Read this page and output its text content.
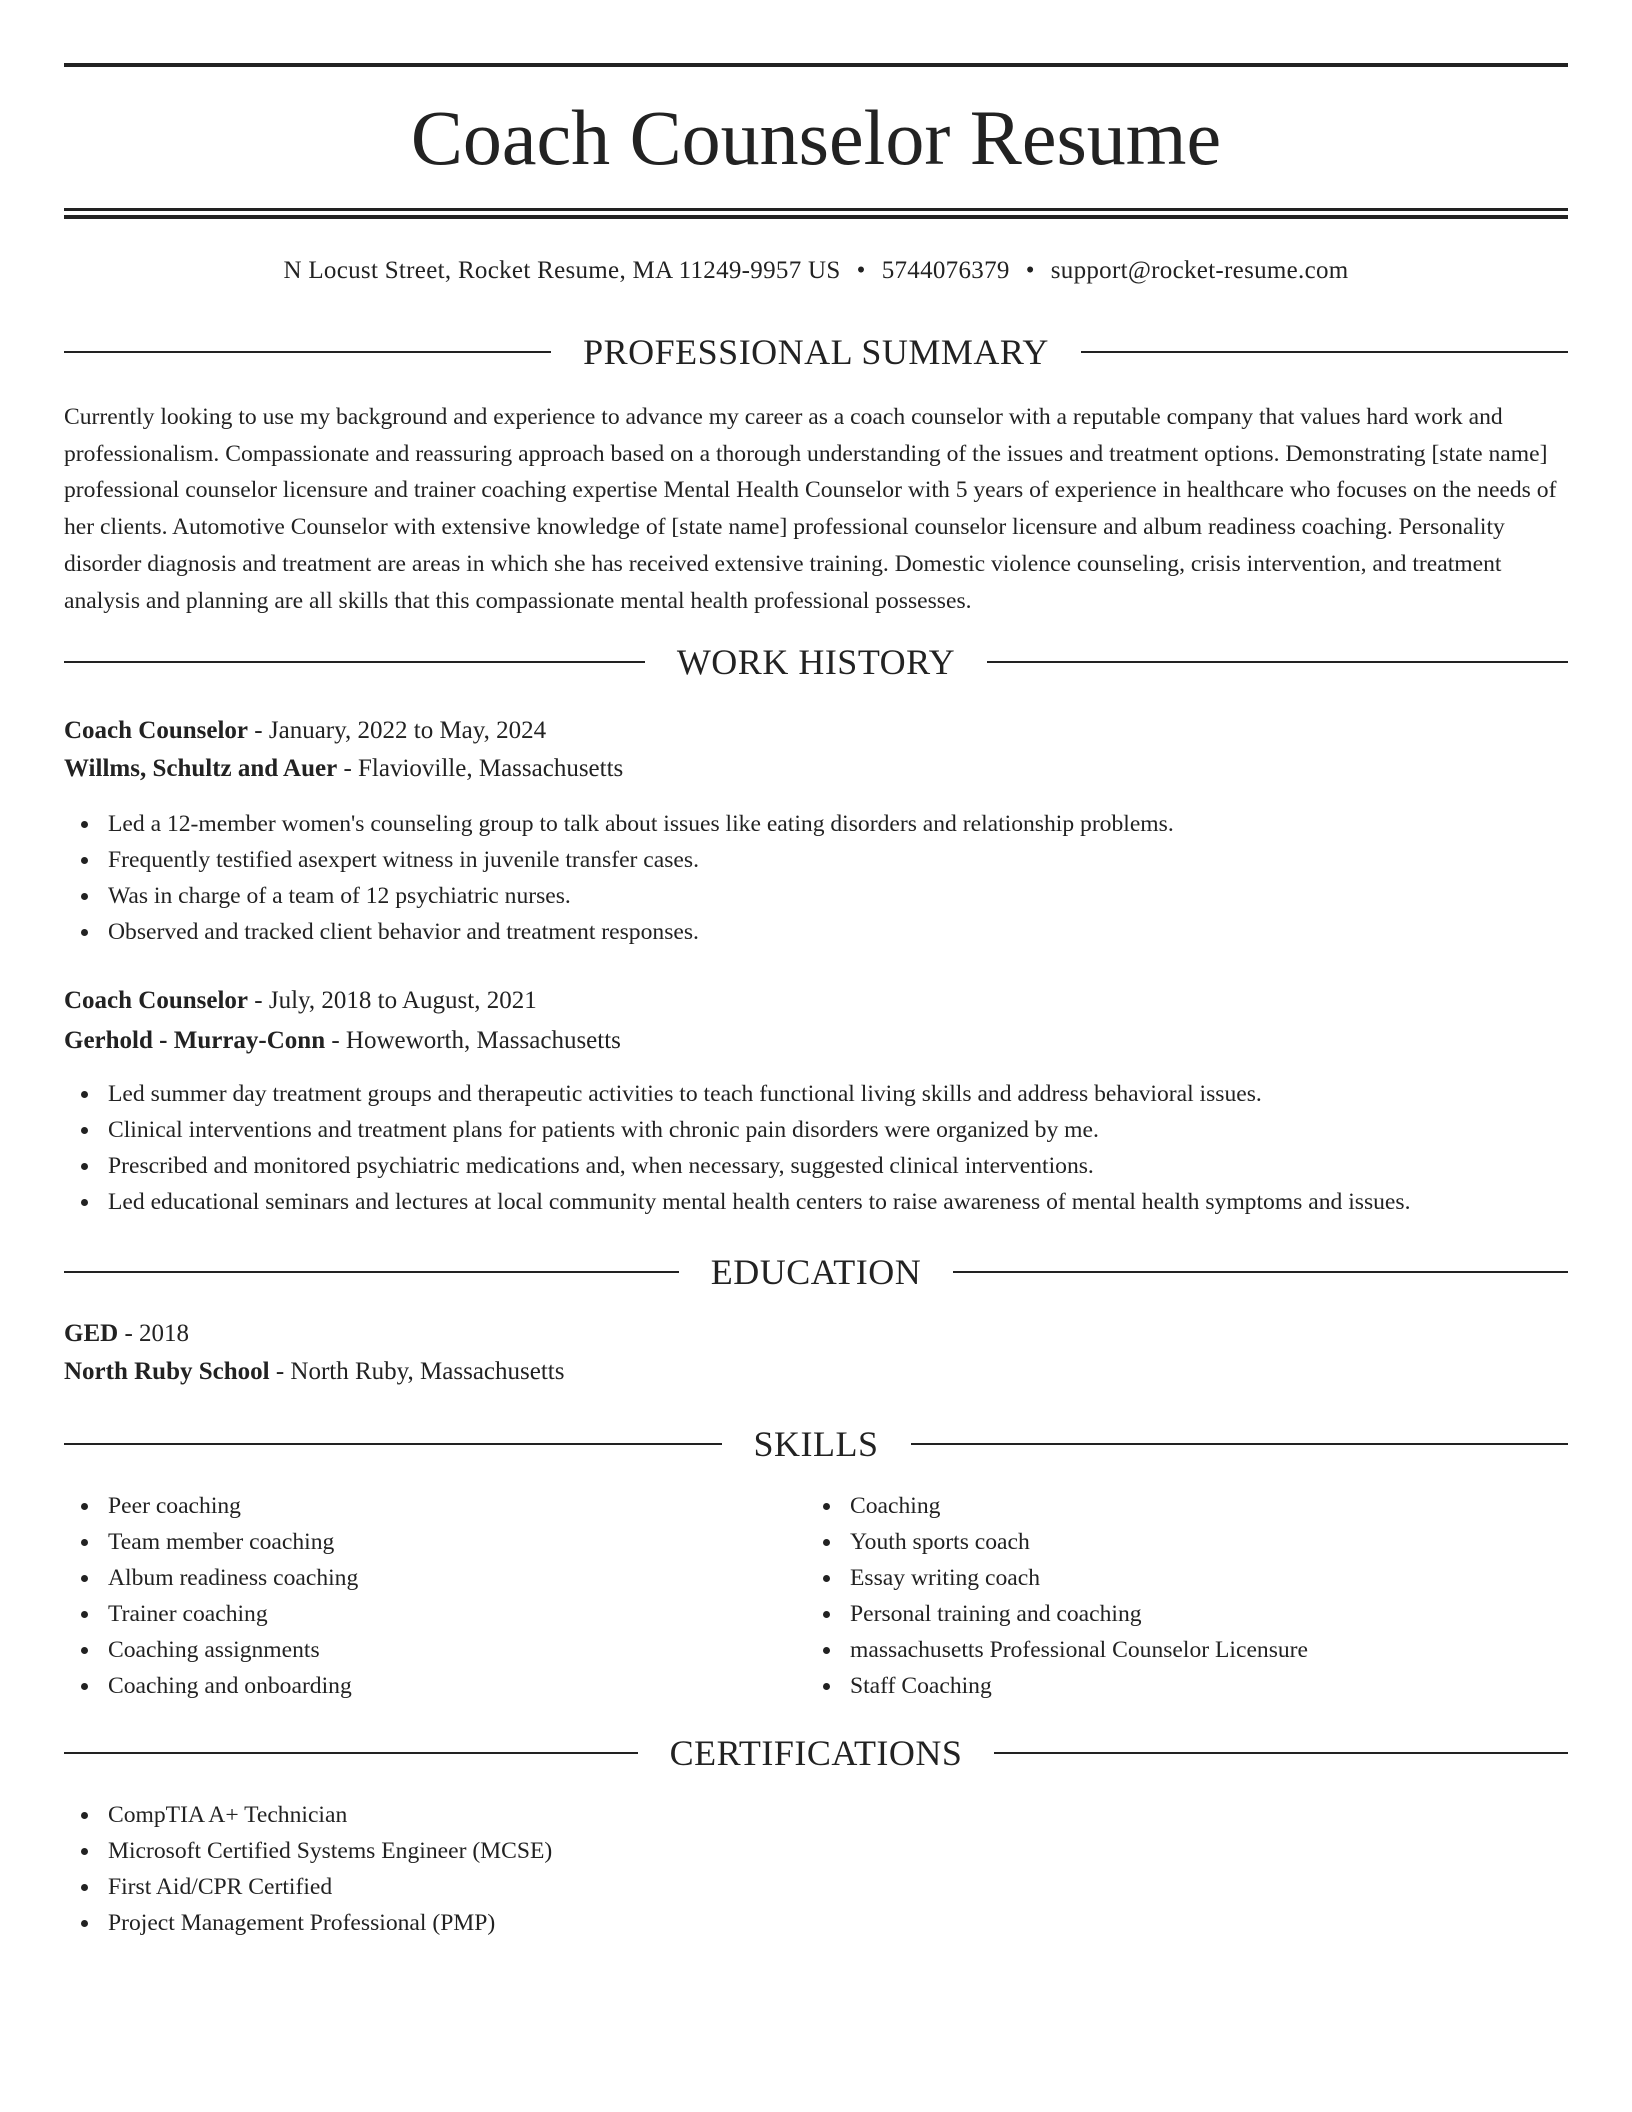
Coach Counselor Resume
N Locust Street, Rocket Resume, MA 11249-9957 US • 5744076379 • support@rocket-resume.com
PROFESSIONAL SUMMARY

Currently looking to use my background and experience to advance my career as a coach counselor with a reputable company that values hard work and professionalism. Compassionate and reassuring approach based on a thorough understanding of the issues and treatment options. Demonstrating [state name] professional counselor licensure and trainer coaching expertise Mental Health Counselor with 5 years of experience in healthcare who focuses on the needs of her clients. Automotive Counselor with extensive knowledge of [state name] professional counselor licensure and album readiness coaching. Personality disorder diagnosis and treatment are areas in which she has received extensive training. Domestic violence counseling, crisis intervention, and treatment analysis and planning are all skills that this compassionate mental health professional possesses.

WORK HISTORY
Coach Counselor - January, 2022 to May, 2024
Willms, Schultz and Auer - Flavioville, Massachusetts
Led a 12-member women's counseling group to talk about issues like eating disorders and relationship problems.
Frequently testified asexpert witness in juvenile transfer cases.
Was in charge of a team of 12 psychiatric nurses.
Observed and tracked client behavior and treatment responses.
Coach Counselor - July, 2018 to August, 2021
Gerhold - Murray-Conn - Howeworth, Massachusetts
Led summer day treatment groups and therapeutic activities to teach functional living skills and address behavioral issues.
Clinical interventions and treatment plans for patients with chronic pain disorders were organized by me.
Prescribed and monitored psychiatric medications and, when necessary, suggested clinical interventions.
Led educational seminars and lectures at local community mental health centers to raise awareness of mental health symptoms and issues.
EDUCATION
GED - 2018
North Ruby School - North Ruby, Massachusetts
SKILLS
Peer coaching
Team member coaching
Album readiness coaching
Trainer coaching
Coaching assignments
Coaching and onboarding
Coaching
Youth sports coach
Essay writing coach
Personal training and coaching
massachusetts Professional Counselor Licensure
Staff Coaching
CERTIFICATIONS
CompTIA A+ Technician
Microsoft Certified Systems Engineer (MCSE)
First Aid/CPR Certified
Project Management Professional (PMP)
